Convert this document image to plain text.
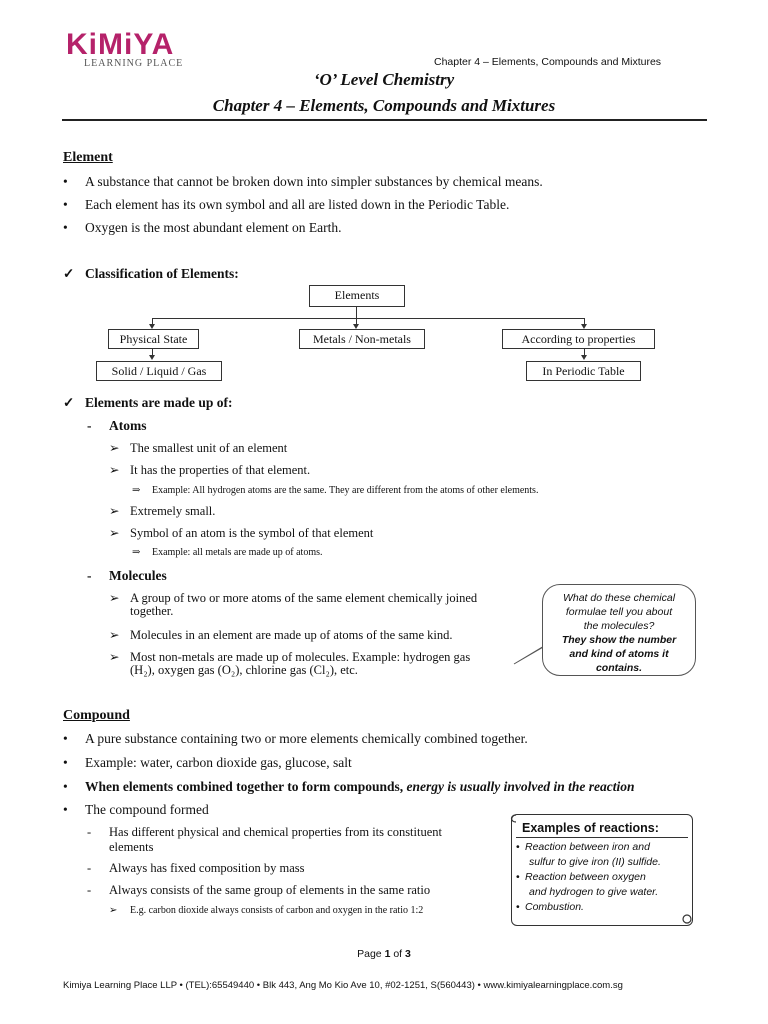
KiMiYA
LEARNING PLACE	Chapter 4 – Elements, Compounds and Mixtures
‘O’ Level Chemistry
Chapter 4 – Elements, Compounds and Mixtures
Element
• A substance that cannot be broken down into simpler substances by chemical means.
• Each element has its own symbol and all are listed down in the Periodic Table.
• Oxygen is the most abundant element on Earth.
✓ Classification of Elements:
Elements
Physical State	Metals / Non-metals	According to properties
Solid / Liquid / Gas	In Periodic Table
✓ Elements are made up of:
- Atoms
➢ The smallest unit of an element
➢ It has the properties of that element.
⇒ Example: All hydrogen atoms are the same. They are different from the atoms of other elements.
➢ Extremely small.
➢ Symbol of an atom is the symbol of that element
⇒ Example: all metals are made up of atoms.
- Molecules
➢ A group of two or more atoms of the same element chemically joined
together.
➢ Molecules in an element are made up of atoms of the same kind.
➢ Most non-metals are made up of molecules. Example: hydrogen gas
(H₂), oxygen gas (O₂), chlorine gas (Cl₂), etc.
What do these chemical
formulae tell you about
the molecules?
They show the number
and kind of atoms it
contains.
Compound
• A pure substance containing two or more elements chemically combined together.
• Example: water, carbon dioxide gas, glucose, salt
• When elements combined together to form compounds, energy is usually involved in the reaction
• The compound formed
- Has different physical and chemical properties from its constituent
elements
- Always has fixed composition by mass
- Always consists of the same group of elements in the same ratio
➢ E.g. carbon dioxide always consists of carbon and oxygen in the ratio 1:2
Examples of reactions:
• Reaction between iron and
sulfur to give iron (II) sulfide.
• Reaction between oxygen
and hydrogen to give water.
• Combustion.
Page 1 of 3
Kimiya Learning Place LLP • (TEL):65549440 • Blk 443, Ang Mo Kio Ave 10, #02-1251, S(560443) • www.kimiyalearningplace.com.sg
